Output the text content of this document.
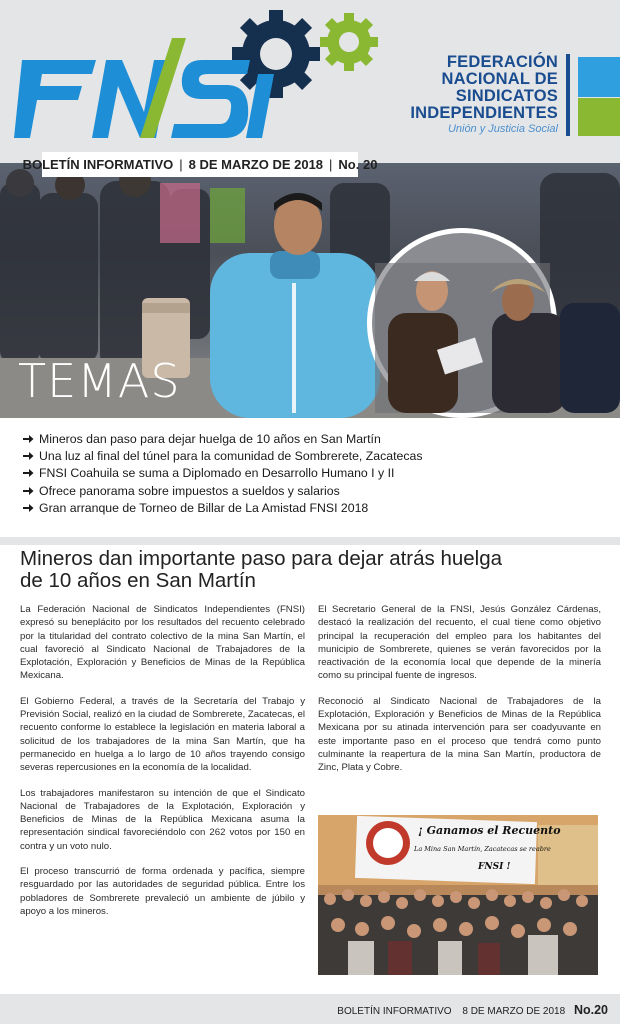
FEDERACIÓN
NACIONAL DE
SINDICATOS
INDEPENDIENTES
Unión y Justicia Social
BOLETÍN INFORMATIVO | 8 DE MARZO DE 2018 | No. 20
TEMAS
Mineros dan paso para dejar huelga de 10 años en San Martín
Una luz al final del túnel para la comunidad de Sombrerete, Zacatecas
FNSI Coahuila se suma a Diplomado en Desarrollo Humano I y II
Ofrece panorama sobre impuestos a sueldos y salarios
Gran arranque de Torneo de Billar de La Amistad FNSI 2018
Mineros dan importante paso para dejar atrás huelga
de 10 años en San Martín

La Federación Nacional de Sindicatos Independientes (FNSI) expresó su beneplácito por los resultados del recuento celebrado por la titularidad del contrato colectivo de la mina San Martín, el cual favoreció al Sindicato Nacional de Trabajadores de la Explotación, Exploración y Beneficios de Minas de la República Mexicana.

El Gobierno Federal, a través de la Secretaría del Trabajo y Previsión Social, realizó en la ciudad de Sombrerete, Zacatecas, el recuento conforme lo establece la legislación en materia laboral a solicitud de los trabajadores de la mina San Martín, que ha permanecido en huelga a lo largo de 10 años trayendo consigo severas repercusiones en la economía de la localidad.

Los trabajadores manifestaron su intención de que el Sindicato Nacional de Trabajadores de la Explotación, Exploración y Beneficios de Minas de la República Mexicana asuma la representación sindical favoreciéndolo con 262 votos por 150 en contra y un voto nulo.

El proceso transcurrió de forma ordenada y pacífica, siempre resguardado por las autoridades de seguridad pública. Entre los pobladores de Sombrerete prevaleció un ambiente de júbilo y apoyo a los mineros.

El Secretario General de la FNSI, Jesús González Cárdenas, destacó la realización del recuento, el cual tiene como objetivo principal la recuperación del empleo para los habitantes del municipio de Sombrerete, quienes se verán favorecidos por la reactivación de la economía local que depende de la minería como su principal fuente de ingresos.

Reconoció al Sindicato Nacional de Trabajadores de la Explotación, Exploración y Beneficios de Minas de la República Mexicana por su atinada intervención para ser coadyuvante en este importante paso en el proceso que tendrá como punto culminante la reapertura de la mina San Martín, productora de Zinc, Plata y Cobre.

¡ Ganamos el Recuento
La Mina San Martín, Zacatecas se reabre
FNSI !
BOLETÍN INFORMATIVO 8 DE MARZO DE 2018 No.20
